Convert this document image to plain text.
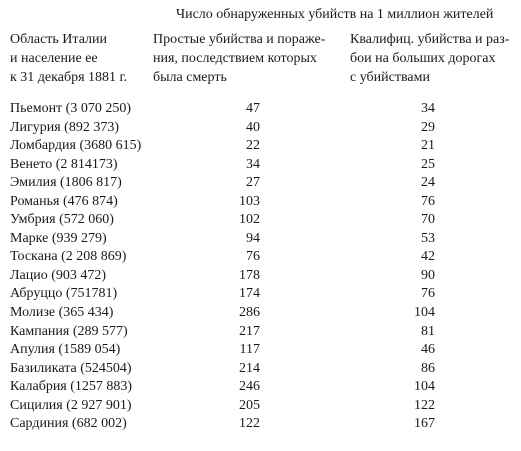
Число обнаруженных убийств на 1 миллион жителей
Область Италии
и население ее
к 31 декабря 1881 г.
Простые убийства и пораже-
ния, последствием которых
была смерть
Квалифиц. убийства и раз-
бои на больших дорогах
с убийствами
Пьемонт (3 070 250)	47	34
Лигурия (892 373)	40	29
Ломбардия (3680 615)	22	21
Венето (2 814173)	34	25
Эмилия (1806 817)	27	24
Романья (476 874)	103	76
Умбрия (572 060)	102	70
Марке (939 279)	94	53
Тоскана (2 208 869)	76	42
Лацио (903 472)	178	90
Абруццо (751781)	174	76
Молизе (365 434)	286	104
Кампания (289 577)	217	81
Апулия (1589 054)	117	46
Базиликата (524504)	214	86
Калабрия (1257 883)	246	104
Сицилия (2 927 901)	205	122
Сардиния (682 002)	122	167
